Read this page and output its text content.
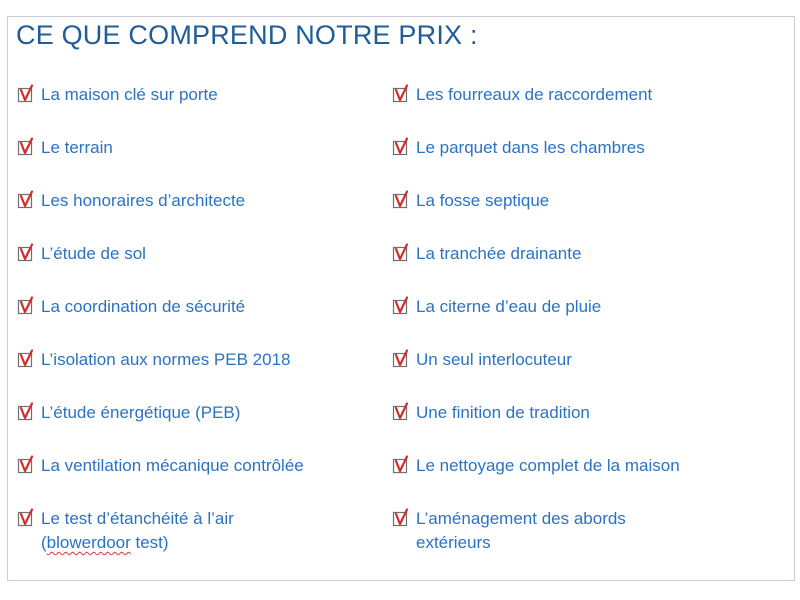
CE QUE COMPREND NOTRE PRIX :
La maison clé sur porte
Le terrain
Les honoraires d’architecte
L’étude de sol
La coordination de sécurité
L’isolation aux normes PEB 2018
L’étude énergétique (PEB)
La ventilation mécanique contrôlée
Le test d’étanchéité à l’air
(blowerdoor test)
Les fourreaux de raccordement
Le parquet dans les chambres
La fosse septique
La tranchée drainante
La citerne d’eau de pluie
Un seul interlocuteur
Une finition de tradition
Le nettoyage complet de la maison
L’aménagement des abords
extérieurs
